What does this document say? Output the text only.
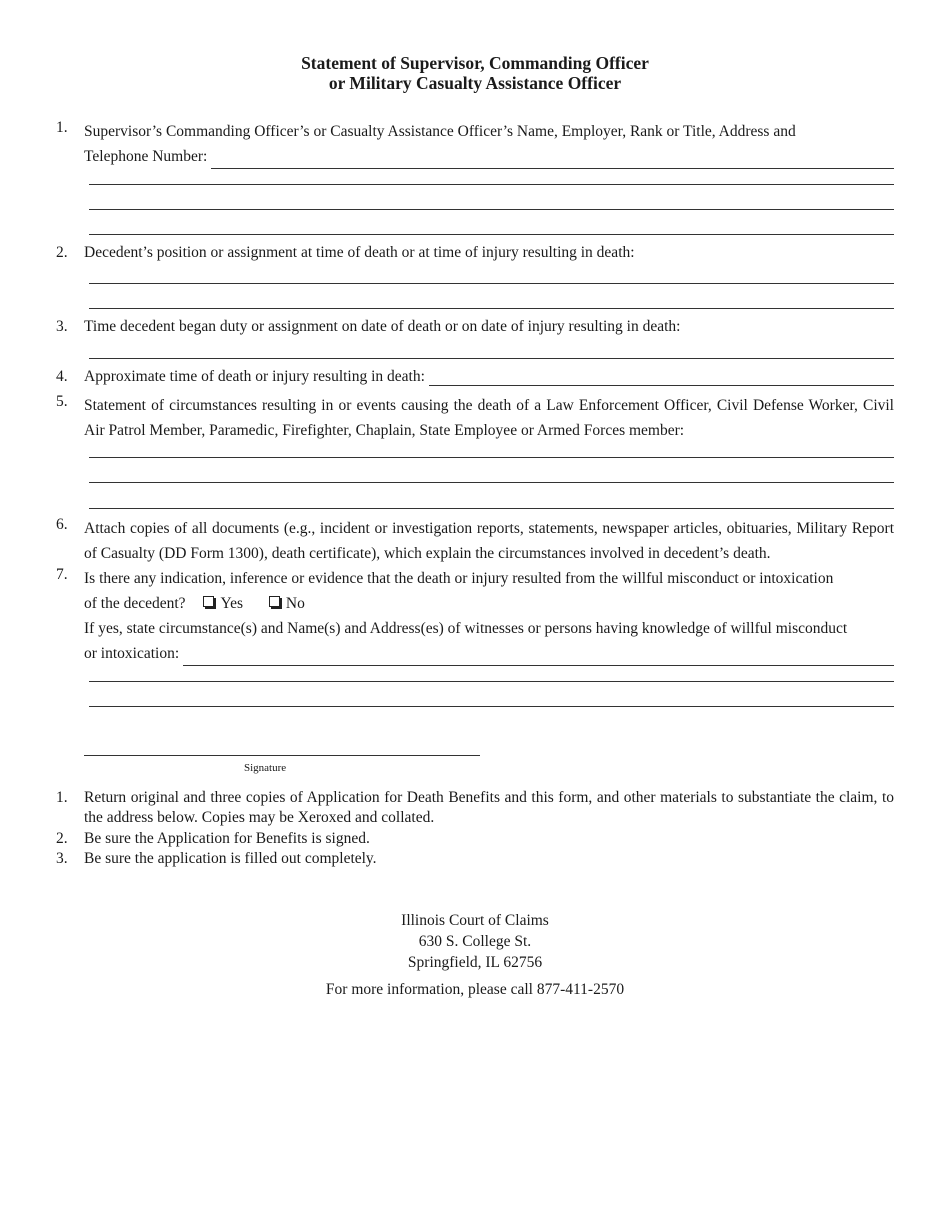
Statement of Supervisor, Commanding Officer
or Military Casualty Assistance Officer
1.	Supervisor’s Commanding Officer’s or Casualty Assistance Officer’s Name, Employer, Rank or Title, Address and
Telephone Number:
2.	Decedent’s position or assignment at time of death or at time of injury resulting in death:
3.	Time decedent began duty or assignment on date of death or on date of injury resulting in death:
4.	Approximate time of death or injury resulting in death:
5.	Statement of circumstances resulting in or events causing the death of a Law Enforcement Officer, Civil Defense Worker, Civil Air Patrol Member, Paramedic, Firefighter, Chaplain, State Employee or Armed Forces member:
6.	Attach copies of all documents (e.g., incident or investigation reports, statements, newspaper articles, obituaries, Military Report of Casualty (DD Form 1300), death certificate), which explain the circumstances involved in decedent’s death.
7.	Is there any indication, inference or evidence that the death or injury resulted from the willful misconduct or intoxication
of the decedent? Yes	No
If yes, state circumstance(s) and Name(s) and Address(es) of witnesses or persons having knowledge of willful misconduct
or intoxication:
Signature
1.	Return original and three copies of Application for Death Benefits and this form, and other materials to substantiate the claim, to the address below. Copies may be Xeroxed and collated.
2.	Be sure the Application for Benefits is signed.
3.	Be sure the application is filled out completely.
Illinois Court of Claims
630 S. College St.
Springfield, IL 62756
For more information, please call 877-411-2570
